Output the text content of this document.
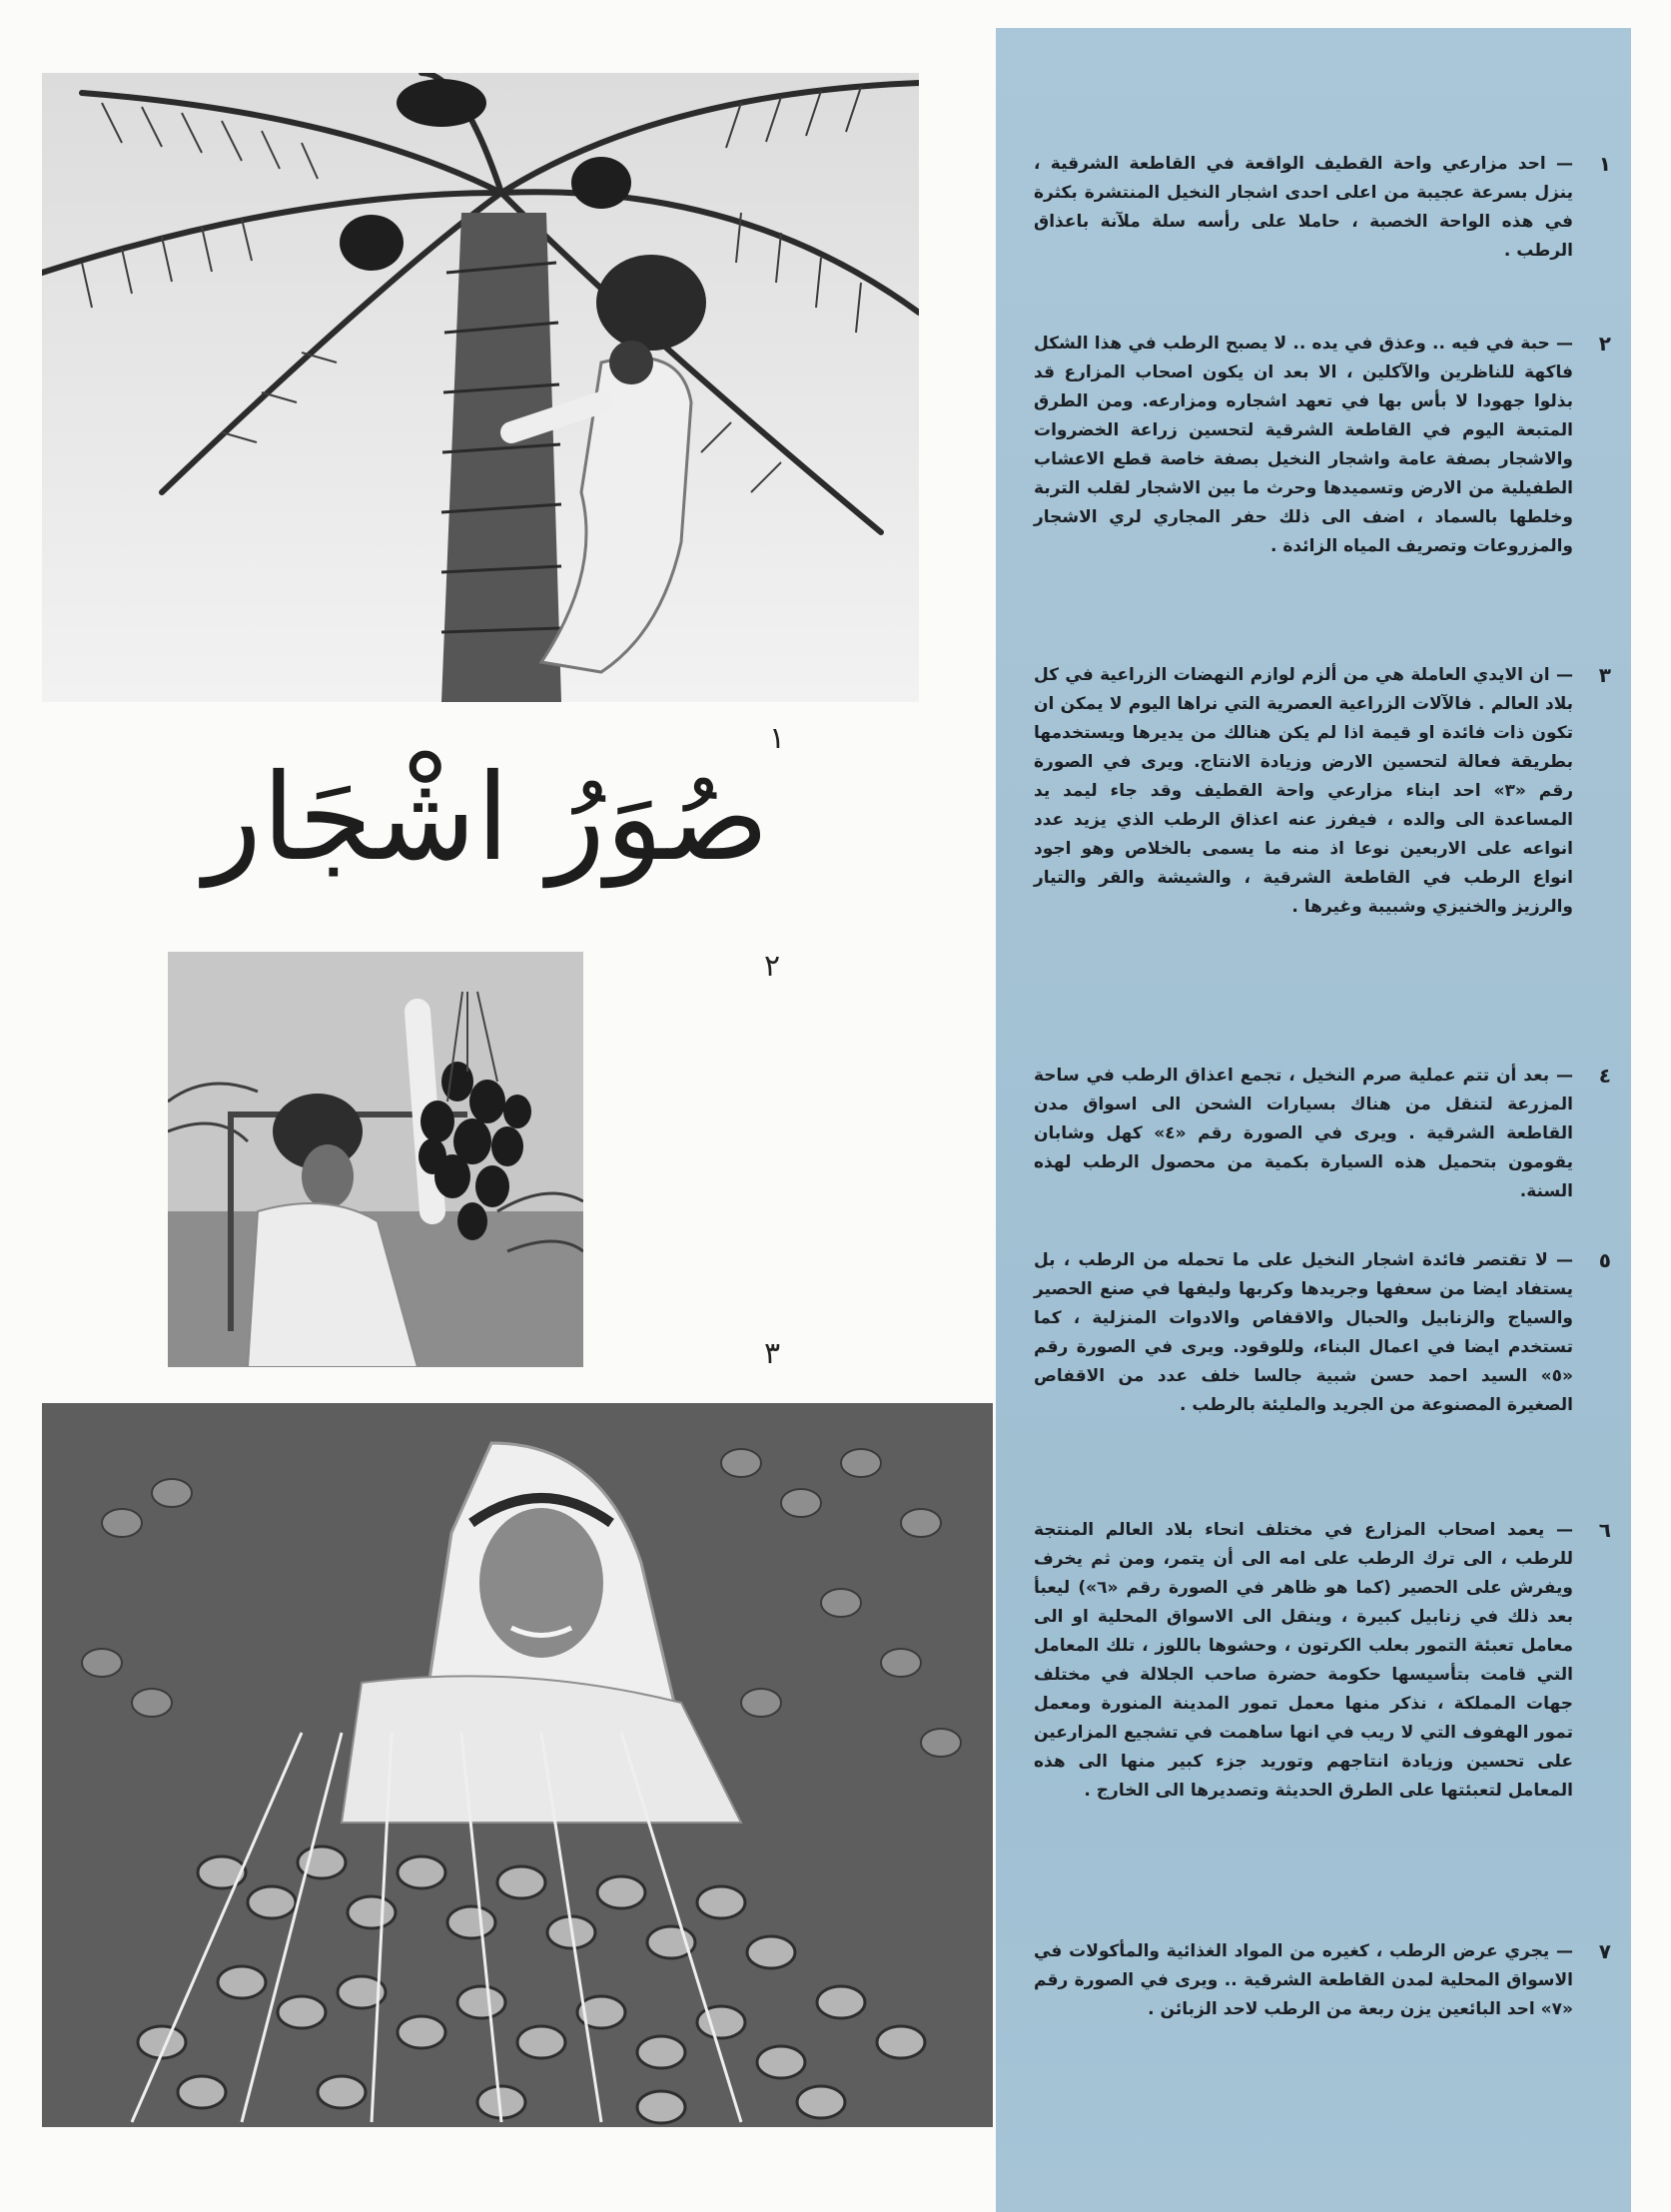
١
صُوَرُ اشْجَار
٢
٣
١
— احد مزارعي واحة القطيف الواقعة في القاطعة الشرقية ، ينزل بسرعة عجيبة من اعلى احدى اشجار النخيل المنتشرة بكثرة في هذه الواحة الخصبة ، حاملا على رأسه سلة ملآنة باعذاق الرطب .
٢
— حبة في فيه .. وعذق في يده .. لا يصبح الرطب في هذا الشكل فاكهة للناظرين والآكلين ، الا بعد ان يكون اصحاب المزارع قد بذلوا جهودا لا بأس بها في تعهد اشجاره ومزارعه. ومن الطرق المتبعة اليوم في القاطعة الشرقية لتحسين زراعة الخضروات والاشجار بصفة عامة واشجار النخيل بصفة خاصة قطع الاعشاب الطفيلية من الارض وتسميدها وحرث ما بين الاشجار لقلب التربة وخلطها بالسماد ، اضف الى ذلك حفر المجاري لري الاشجار والمزروعات وتصريف المياه الزائدة .
٣
— ان الايدي العاملة هي من ألزم لوازم النهضات الزراعية في كل بلاد العالم . فالآلات الزراعية العصرية التي نراها اليوم لا يمكن ان تكون ذات فائدة او قيمة اذا لم يكن هنالك من يديرها ويستخدمها بطريقة فعالة لتحسين الارض وزيادة الانتاج. ويرى في الصورة رقم «٣» احد ابناء مزارعي واحة القطيف وقد جاء ليمد يد المساعدة الى والده ، فيفرز عنه اعذاق الرطب الذي يزيد عدد انواعه على الاربعين نوعا اذ منه ما يسمى بالخلاص وهو اجود انواع الرطب في القاطعة الشرقية ، والشيشة والقر والتيار والرزيز والخنيزي وشبيبة وغيرها .
٤
— بعد أن تتم عملية صرم النخيل ، تجمع اعذاق الرطب في ساحة المزرعة لتنقل من هناك بسيارات الشحن الى اسواق مدن القاطعة الشرقية . ويرى في الصورة رقم «٤» كهل وشابان يقومون بتحميل هذه السيارة بكمية من محصول الرطب لهذه السنة.
٥
— لا تقتصر فائدة اشجار النخيل على ما تحمله من الرطب ، بل يستفاد ايضا من سعفها وجريدها وكربها وليفها في صنع الحصير والسياج والزنابيل والحبال والاقفاص والادوات المنزلية ، كما تستخدم ايضا في اعمال البناء، وللوقود. ويرى في الصورة رقم «٥» السيد احمد حسن شبية جالسا خلف عدد من الاقفاص الصغيرة المصنوعة من الجريد والمليئة بالرطب .
٦
— يعمد اصحاب المزارع في مختلف انحاء بلاد العالم المنتجة للرطب ، الى ترك الرطب على امه الى أن يتمر، ومن ثم يخرف ويفرش على الحصير (كما هو ظاهر في الصورة رقم «٦») ليعبأ بعد ذلك في زنابيل كبيرة ، وينقل الى الاسواق المحلية او الى معامل تعبئة التمور بعلب الكرتون ، وحشوها باللوز ، تلك المعامل التي قامت بتأسيسها حكومة حضرة صاحب الجلالة في مختلف جهات المملكة ، نذكر منها معمل تمور المدينة المنورة ومعمل تمور الهفوف التي لا ريب في انها ساهمت في تشجيع المزارعين على تحسين وزيادة انتاجهم وتوريد جزء كبير منها الى هذه المعامل لتعبئتها على الطرق الحديثة وتصديرها الى الخارج .
٧
— يجري عرض الرطب ، كغيره من المواد الغذائية والمأكولات في الاسواق المحلية لمدن القاطعة الشرقية .. ويرى في الصورة رقم «٧» احد البائعين يزن ربعة من الرطب لاحد الزبائن .
